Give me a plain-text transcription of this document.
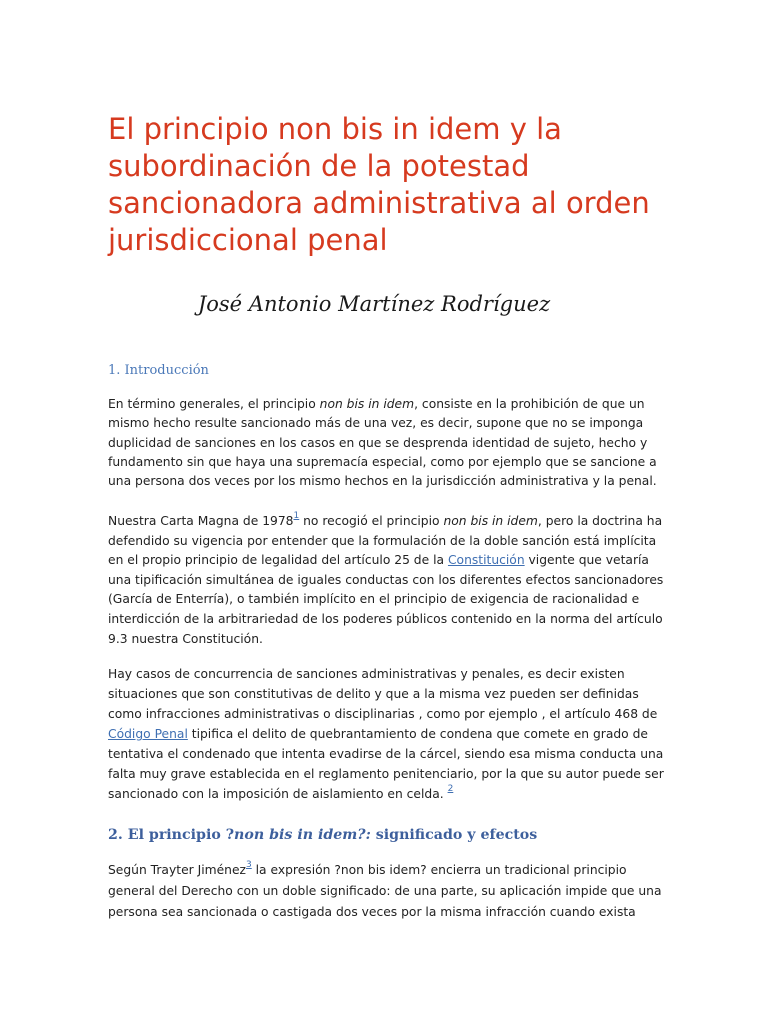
El principio non bis in idem y la subordinación de la potestad sancionadora administrativa al orden jurisdiccional penal

José Antonio Martínez Rodríguez

1. Introducción

En término generales, el principio non bis in idem, consiste en la prohibición de que un mismo hecho resulte sancionado más de una vez, es decir, supone que no se imponga duplicidad de sanciones en los casos en que se desprenda identidad de sujeto, hecho y fundamento sin que haya una supremacía especial, como por ejemplo que se sancione a una persona dos veces por los mismo hechos en la jurisdicción administrativa y la penal.

Nuestra Carta Magna de 1978$^1$ no recogió el principio non bis in idem, pero la doctrina ha defendido su vigencia por entender que la formulación de la doble sanción está implícita en el propio principio de legalidad del artículo 25 de la Constitución vigente que vetaría una tipificación simultánea de iguales conductas con los diferentes efectos sancionadores (García de Enterría), o también implícito en el principio de exigencia de racionalidad e interdicción de la arbitrariedad de los poderes públicos contenido en la norma del artículo 9.3 nuestra Constitución.

Hay casos de concurrencia de sanciones administrativas y penales, es decir existen situaciones que son constitutivas de delito y que a la misma vez pueden ser definidas como infracciones administrativas o disciplinarias , como por ejemplo , el artículo 468 de Código Penal tipifica el delito de quebrantamiento de condena que comete en grado de tentativa el condenado que intenta evadirse de la cárcel, siendo esa misma conducta una falta muy grave establecida en el reglamento penitenciario, por la que su autor puede ser sancionado con la imposición de aislamiento en celda. $^2$

2. El principio ?non bis in idem?: significado y efectos

Según Trayter Jiménez$^3$ la expresión ?non bis idem? encierra un tradicional principio general del Derecho con un doble significado: de una parte, su aplicación impide que una persona sea sancionada o castigada dos veces por la misma infracción cuando exista
